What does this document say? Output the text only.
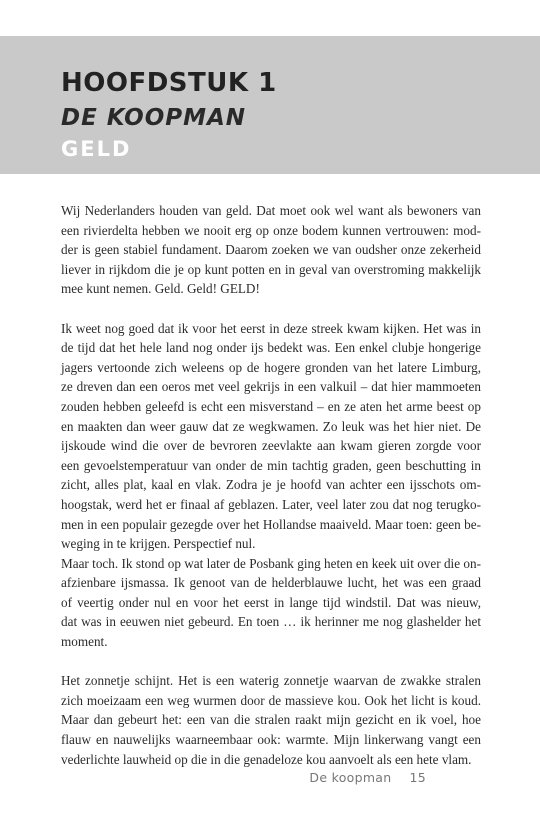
HOOFDSTUK 1
DE KOOPMAN
GELD
Wij Nederlanders houden van geld. Dat moet ook wel want als bewoners van
een rivierdelta hebben we nooit erg op onze bodem kunnen vertrouwen: mod-
der is geen stabiel fundament. Daarom zoeken we van oudsher onze zekerheid
liever in rijkdom die je op kunt potten en in geval van overstroming makkelijk
mee kunt nemen. Geld. Geld! GELD!
Ik weet nog goed dat ik voor het eerst in deze streek kwam kijken. Het was in
de tijd dat het hele land nog onder ijs bedekt was. Een enkel clubje hongerige
jagers vertoonde zich weleens op de hogere gronden van het latere Limburg,
ze dreven dan een oeros met veel gekrijs in een valkuil – dat hier mammoeten
zouden hebben geleefd is echt een misverstand – en ze aten het arme beest op
en maakten dan weer gauw dat ze wegkwamen. Zo leuk was het hier niet. De
ijskoude wind die over de bevroren zeevlakte aan kwam gieren zorgde voor
een gevoelstemperatuur van onder de min tachtig graden, geen beschutting in
zicht, alles plat, kaal en vlak. Zodra je je hoofd van achter een ijsschots om-
hoogstak, werd het er finaal af geblazen. Later, veel later zou dat nog terugko-
men in een populair gezegde over het Hollandse maaiveld. Maar toen: geen be-
weging in te krijgen. Perspectief nul.
Maar toch. Ik stond op wat later de Posbank ging heten en keek uit over die on-
afzienbare ijsmassa. Ik genoot van de helderblauwe lucht, het was een graad
of veertig onder nul en voor het eerst in lange tijd windstil. Dat was nieuw,
dat was in eeuwen niet gebeurd. En toen … ik herinner me nog glashelder het
moment.
Het zonnetje schijnt. Het is een waterig zonnetje waarvan de zwakke stralen
zich moeizaam een weg wurmen door de massieve kou. Ook het licht is koud.
Maar dan gebeurt het: een van die stralen raakt mijn gezicht en ik voel, hoe
flauw en nauwelijks waarneembaar ook: warmte. Mijn linkerwang vangt een
vederlichte lauwheid op die in die genadeloze kou aanvoelt als een hete vlam.
De koopman 15
